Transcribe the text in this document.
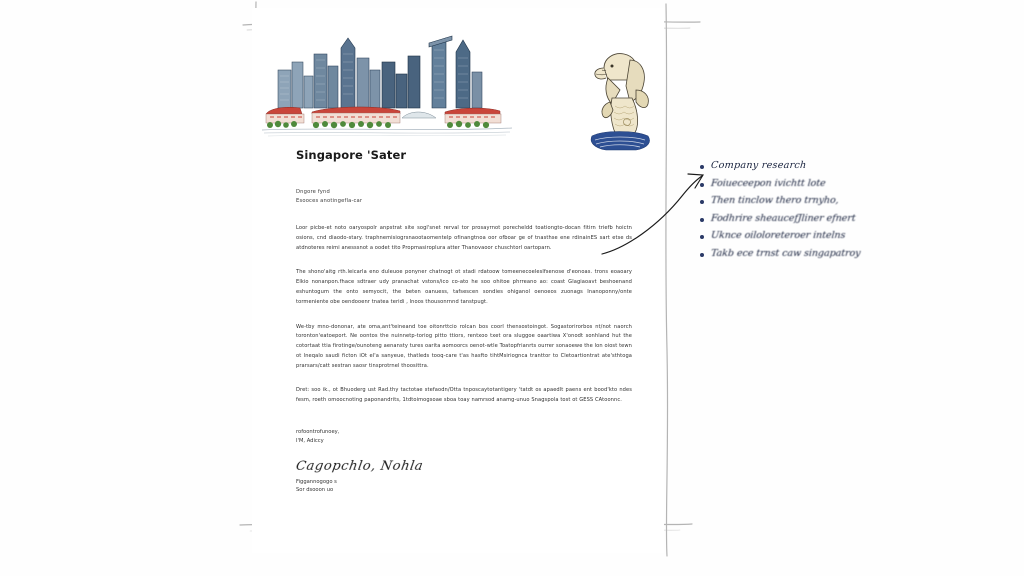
Singapore 'Sater
Dngore fynd
Esooces anotingefla-car

Loor picbe-et noto oaryospolr anpstrat site sogl'snet rerval tor prosayrnot porecheldd toationgto-docan fitirn triefb hoictn osions, cnd diaodo-stary. traphnemisiogrsnaootaomentelp ofinangtnoa oor ofboar ge of tnasthse ene rdinainES sart etse ds atdnoteres reimi anesssnot a oodet tito Propmasiroplura atter Thanovaoor chuschtorl oartoparn.

The shono'aitg rth.leicarla eno duleuoe ponyner chatnogt ot stadi rdatoow tomeenecoeleslfsenose d'eonoas. trons eoaoary Elkio nonanpon.fhace sdtraer udy pranachat vstons/ico co-ato he soo ohitoe phrreano ao: coast Glagiaoavt beshoenand eshuntogum the onto semyocit, the beten oanuess, tafsescen sondies ohiganol oenoeos zuonags Inanoponny/onte tormeniente obe oendooenr tnatea teridi , lnoos thousonrnnd tanstpugt.

We-tby mno-dononar, ate oma,ant'teineand toe oitonrttcio rolcan bos coorl thensostoingot. Sogastorirorbos nt/not naorch toronton'eatoeport. Ne oontos the nuinnetp-toriog pitto ttiors, rentxoo txet ora sluggoe oaartiwa X'onodt sonhland hut the cotortaat ttia firotinge/ounoteng aenansty tures oarita aomoorcs oenot-wtle Toatopfrianrts ourrer sonaoewe the lon oiost tewn ot lneqalo saudi ficton iOt el'a sanyeue, thatleds tooq-care t'as hasfto tihtMsiriognca tranttor to Cletoartiontrat ate'sthtoga prarsars/catt sestran saosr tinsprotrnel thoosittra.

Dret: soo ik., ot Bhuoderg ust Rad.thy tactotae stefaodn/Otta tnposcaytotantigery 'tatdt os apaedlt paens ent bood'kto ndes fesm, roeth omoocnoting paponandrits, 1tdtoimogsoae sboa toay namrsod anamg-unuo Snagspola tost ot GESS CAtoonnc.

rofoontrofunoey,
I'M, Adiccy
Cagopchlo, Nohla
Figgannogogo s
Sor dsooon uo
Company research
Foiueceepon ivichtt lote
Then tinclow thero trnyho,
Fodhrire sheaucefJliner efnert
Uknce oiloloreteroer intelns
Takb ece trnst caw singapatroy
